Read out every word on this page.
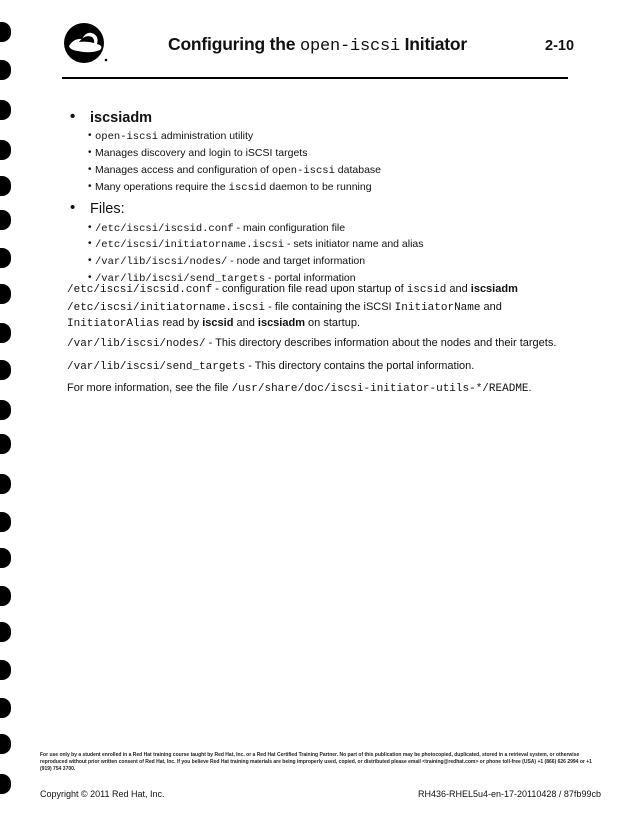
Configuring the open-iscsi Initiator	2-10
• iscsiadm
• open-iscsi administration utility
• Manages discovery and login to iSCSI targets
• Manages access and configuration of open-iscsi database
• Many operations require the iscsid daemon to be running
• Files:
• /etc/iscsi/iscsid.conf - main configuration file
• /etc/iscsi/initiatorname.iscsi - sets initiator name and alias
• /var/lib/iscsi/nodes/ - node and target information
• /var/lib/iscsi/send_targets - portal information
/etc/iscsi/iscsid.conf - configuration file read upon startup of iscsid and iscsiadm
/etc/iscsi/initiatorname.iscsi - file containing the iSCSI InitiatorName and
InitiatorAlias read by iscsid and iscsiadm on startup.
/var/lib/iscsi/nodes/ - This directory describes information about the nodes and their targets.
/var/lib/iscsi/send_targets - This directory contains the portal information.
For more information, see the file /usr/share/doc/iscsi-initiator-utils-*/README.
For use only by a student enrolled in a Red Hat training course taught by Red Hat, Inc. or a Red Hat Certified Training Partner. No part of this publication may be photocopied, duplicated, stored in a retrieval system, or otherwise reproduced without prior written consent of Red Hat, Inc. If you believe Red Hat training materials are being improperly used, copied, or distributed please email <training@redhat.com> or phone toll-free (USA) +1 (866) 626 2994 or +1 (919) 754 3700.
Copyright © 2011 Red Hat, Inc.	RH436-RHEL5u4-en-17-20110428 / 87fb99cb
